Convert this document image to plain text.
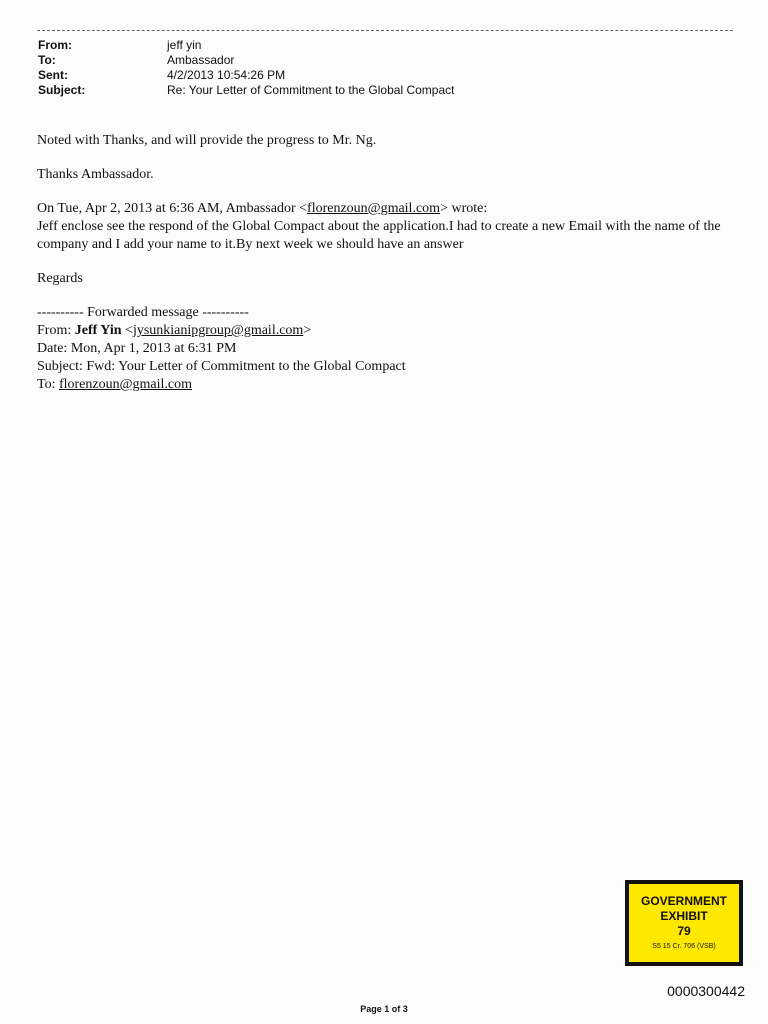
From:	jeff yin
To:	Ambassador
Sent:	4/2/2013 10:54:26 PM
Subject:	Re: Your Letter of Commitment to the Global Compact

Noted with Thanks, and will provide the progress to Mr. Ng.

Thanks Ambassador.

On Tue, Apr 2, 2013 at 6:36 AM, Ambassador <florenzoun@gmail.com> wrote:

Jeff enclose see the respond of the Global Compact about the application.I had to create a new Email with the name of the company and I add your name to it.By next week we should have an answer

Regards

---------- Forwarded message ----------

From: Jeff Yin <jysunkianipgroup@gmail.com>

Date: Mon, Apr 1, 2013 at 6:31 PM

Subject: Fwd: Your Letter of Commitment to the Global Compact

To: florenzoun@gmail.com

GOVERNMENT
EXHIBIT
79
S5 15 Cr. 706 (VSB)
0000300442
Page 1 of 3
